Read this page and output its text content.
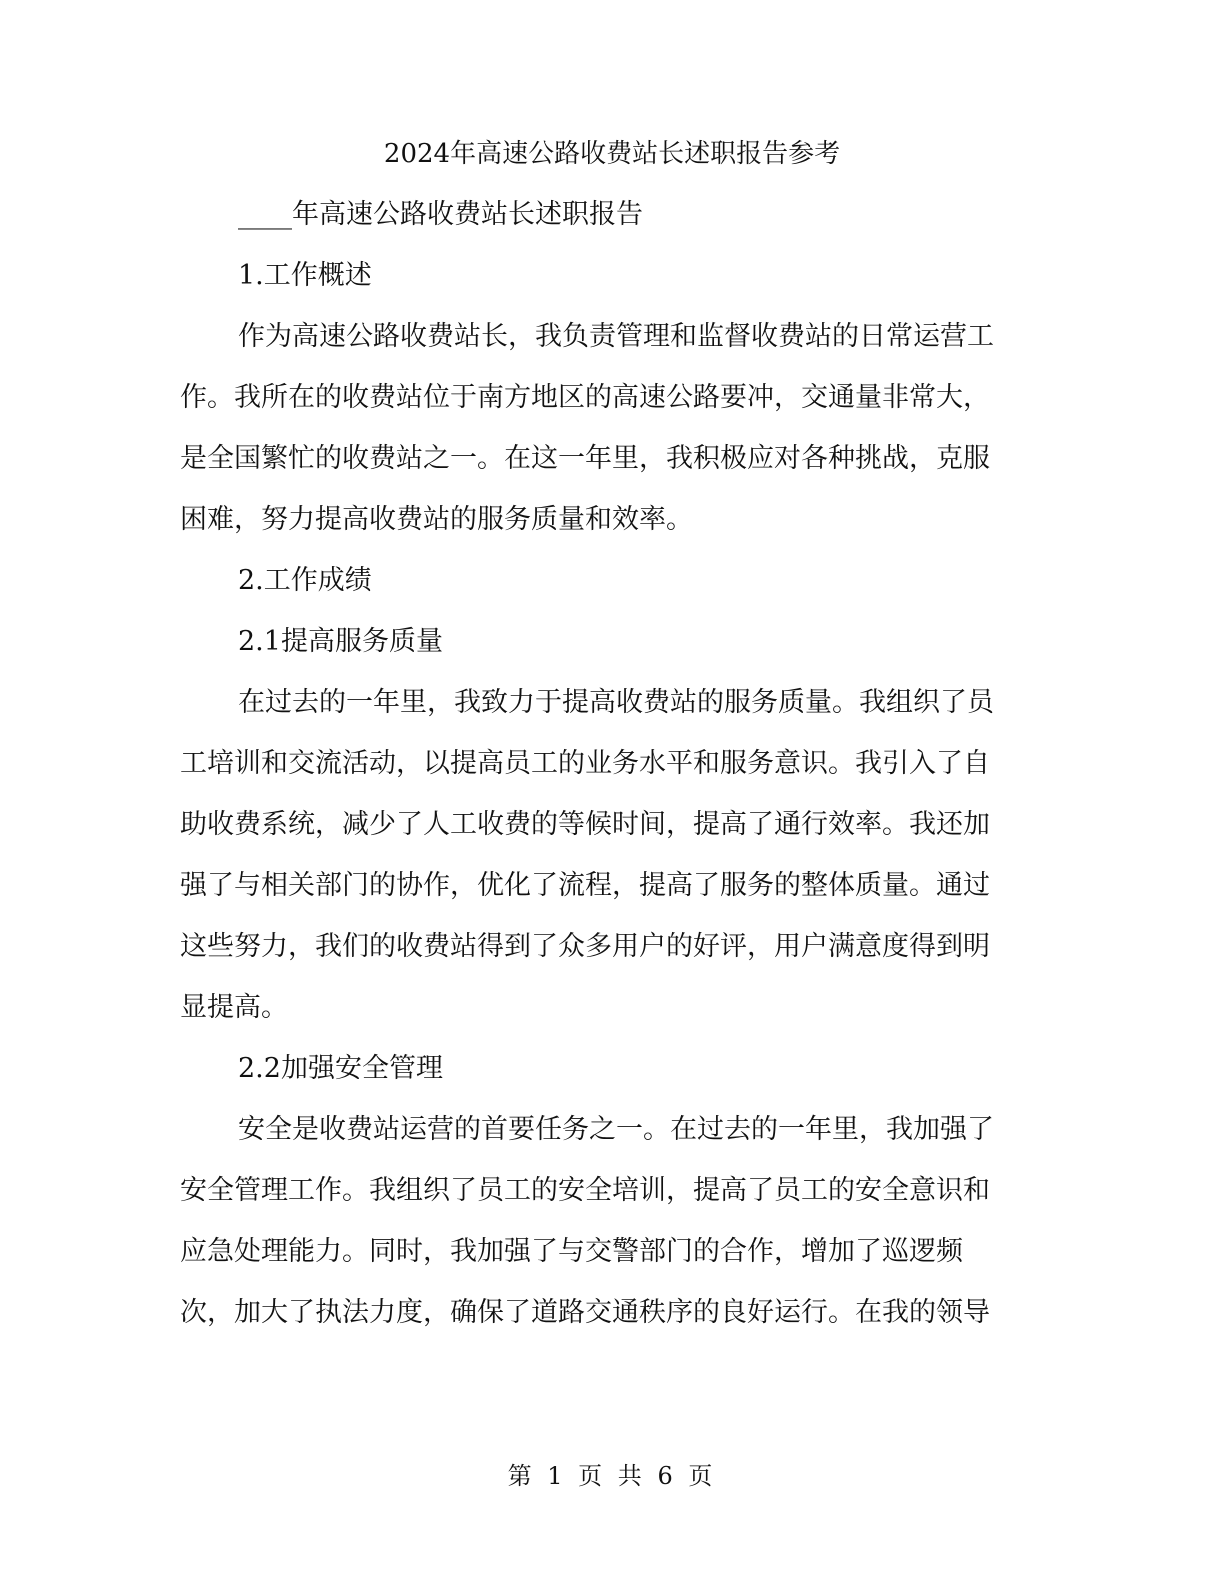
2024年高速公路收费站长述职报告参考

____年高速公路收费站长述职报告

1.工作概述

作为高速公路收费站长，我负责管理和监督收费站的日常运营工
作。我所在的收费站位于南方地区的高速公路要冲，交通量非常大，
是全国繁忙的收费站之一。在这一年里，我积极应对各种挑战，克服
困难，努力提高收费站的服务质量和效率。

2.工作成绩

2.1提高服务质量

在过去的一年里，我致力于提高收费站的服务质量。我组织了员
工培训和交流活动，以提高员工的业务水平和服务意识。我引入了自
助收费系统，减少了人工收费的等候时间，提高了通行效率。我还加
强了与相关部门的协作，优化了流程，提高了服务的整体质量。通过
这些努力，我们的收费站得到了众多用户的好评，用户满意度得到明
显提高。

2.2加强安全管理

安全是收费站运营的首要任务之一。在过去的一年里，我加强了
安全管理工作。我组织了员工的安全培训，提高了员工的安全意识和
应急处理能力。同时，我加强了与交警部门的合作，增加了巡逻频
次，加大了执法力度，确保了道路交通秩序的良好运行。在我的领导
第 1 页 共 6 页
